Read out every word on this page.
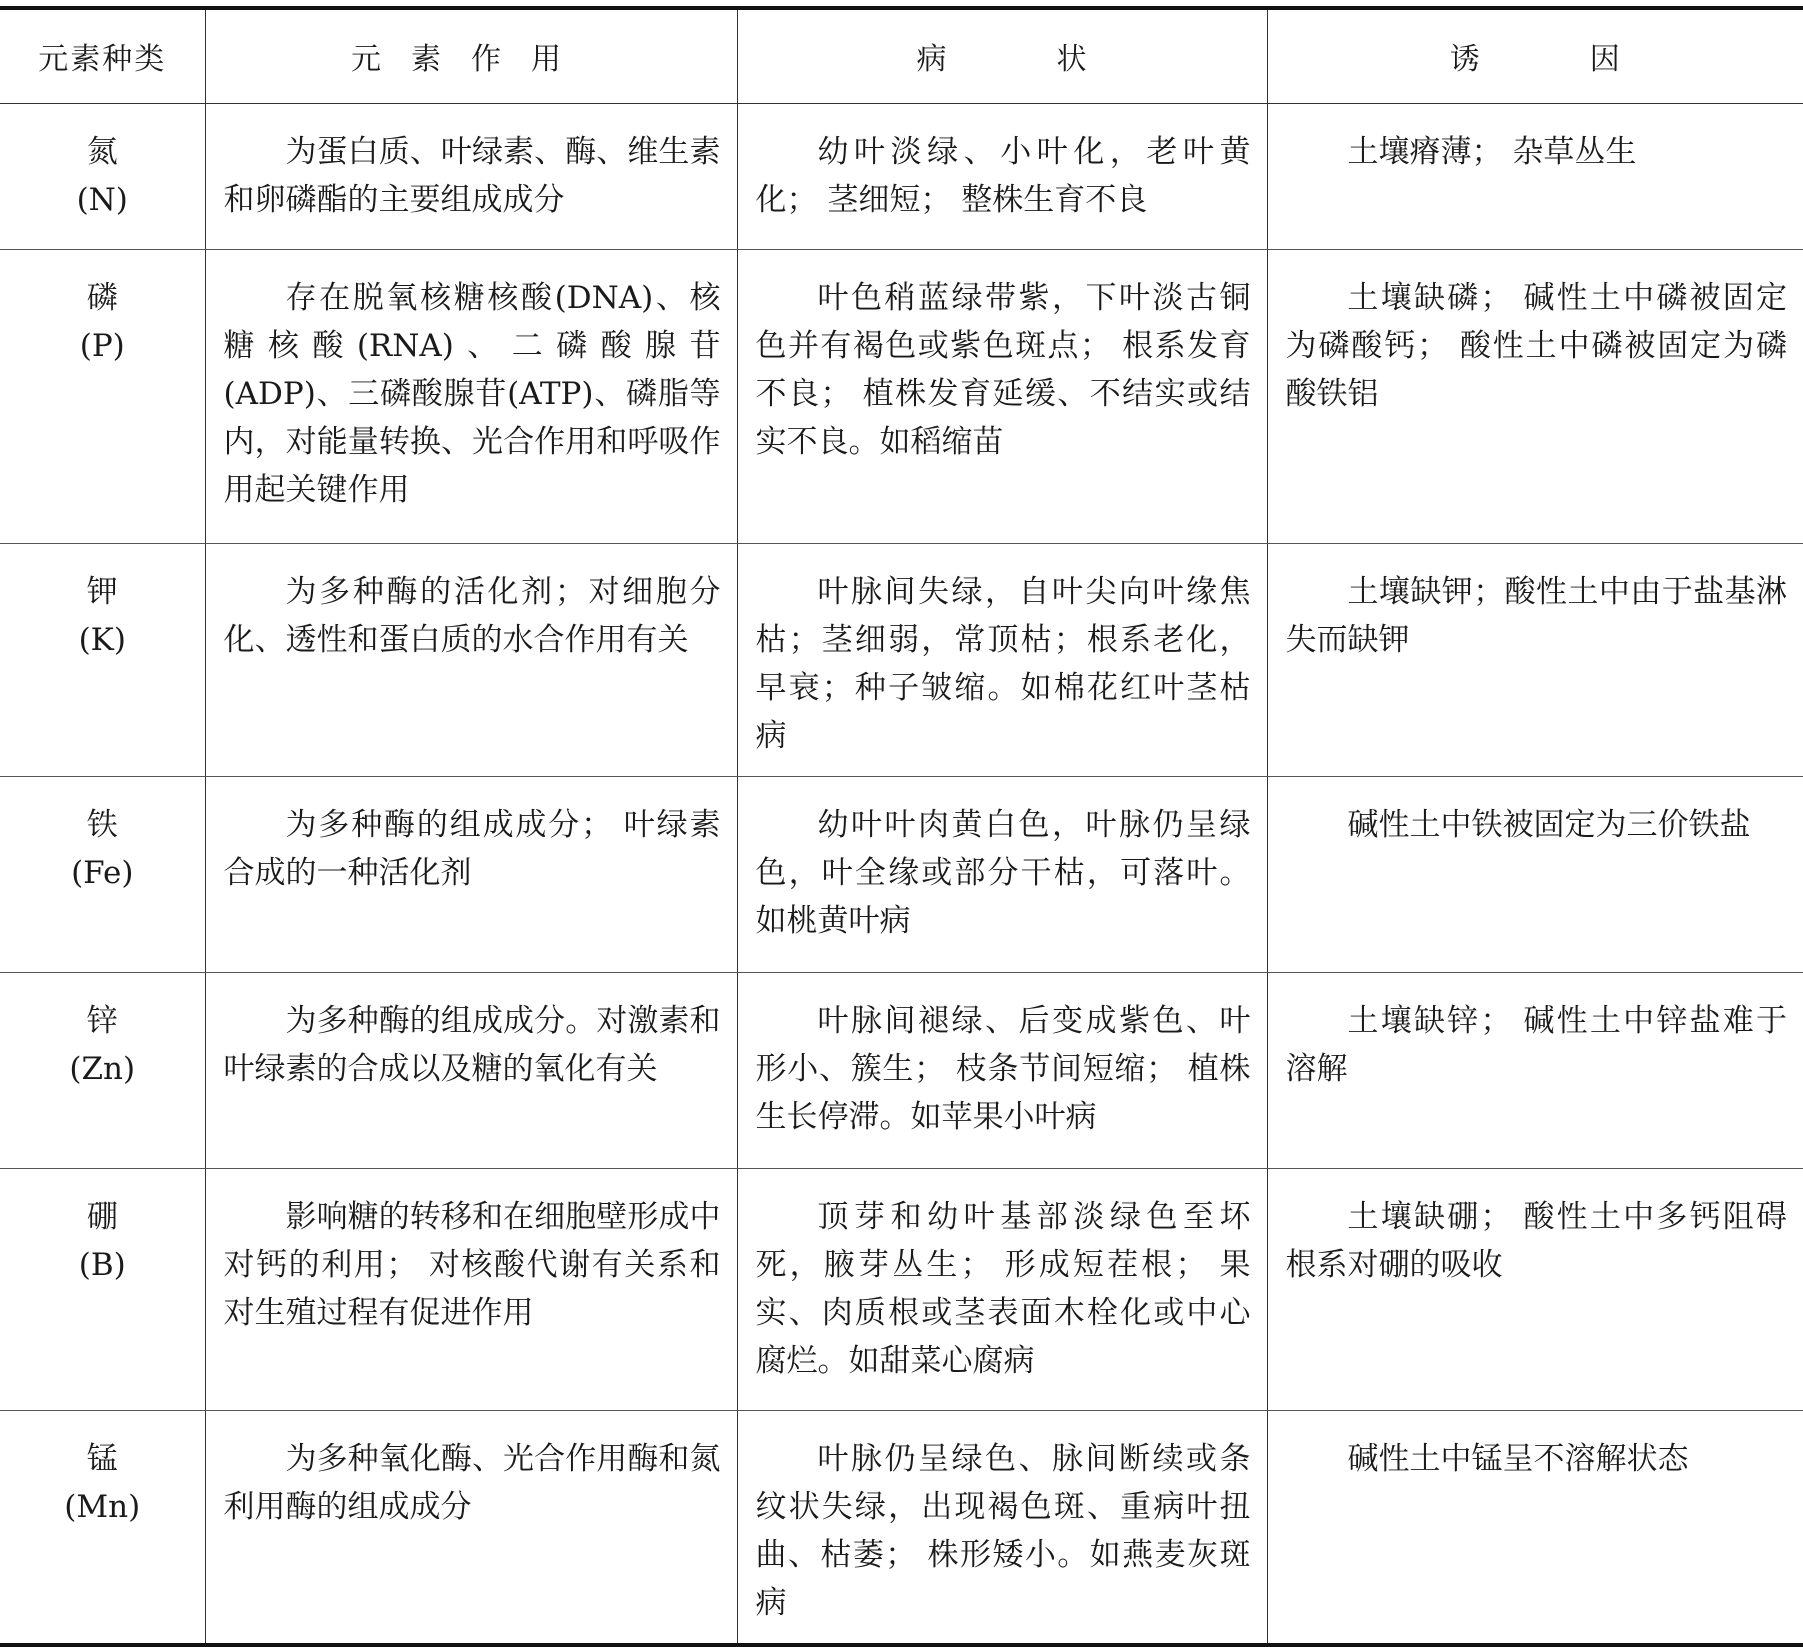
元素种类	元素作用	病状	诱因

氮
(N)	为蛋白质、叶绿素、酶、维生素和卵磷酯的主要组成成分	幼叶淡绿、小叶化，老叶黄化； 茎细短； 整株生育不良	土壤瘠薄； 杂草丛生

磷
(P)	存在脱氧核糖核酸(DNA)、核糖核酸(RNA)、二磷酸腺苷(ADP)、三磷酸腺苷(ATP)、磷脂等内，对能量转换、光合作用和呼吸作用起关键作用	叶色稍蓝绿带紫，下叶淡古铜色并有褐色或紫色斑点； 根系发育不良； 植株发育延缓、不结实或结实不良。如稻缩苗	土壤缺磷； 碱性土中磷被固定为磷酸钙； 酸性土中磷被固定为磷酸铁铝

钾
(K)	为多种酶的活化剂；对细胞分化、透性和蛋白质的水合作用有关	叶脉间失绿，自叶尖向叶缘焦枯；茎细弱，常顶枯；根系老化，早衰；种子皱缩。如棉花红叶茎枯病	土壤缺钾；酸性土中由于盐基淋失而缺钾

铁
(Fe)	为多种酶的组成成分； 叶绿素合成的一种活化剂	幼叶叶肉黄白色，叶脉仍呈绿色，叶全缘或部分干枯，可落叶。如桃黄叶病	碱性土中铁被固定为三价铁盐

锌
(Zn)	为多种酶的组成成分。对激素和叶绿素的合成以及糖的氧化有关	叶脉间褪绿、后变成紫色、叶形小、簇生； 枝条节间短缩； 植株生长停滞。如苹果小叶病	土壤缺锌； 碱性土中锌盐难于溶解

硼
(B)	影响糖的转移和在细胞壁形成中对钙的利用； 对核酸代谢有关系和对生殖过程有促进作用	顶芽和幼叶基部淡绿色至坏死，腋芽丛生； 形成短茬根； 果实、肉质根或茎表面木栓化或中心腐烂。如甜菜心腐病	土壤缺硼； 酸性土中多钙阻碍根系对硼的吸收

锰
(Mn)	为多种氧化酶、光合作用酶和氮利用酶的组成成分	叶脉仍呈绿色、脉间断续或条纹状失绿，出现褐色斑、重病叶扭曲、枯萎； 株形矮小。如燕麦灰斑病	碱性土中锰呈不溶解状态
